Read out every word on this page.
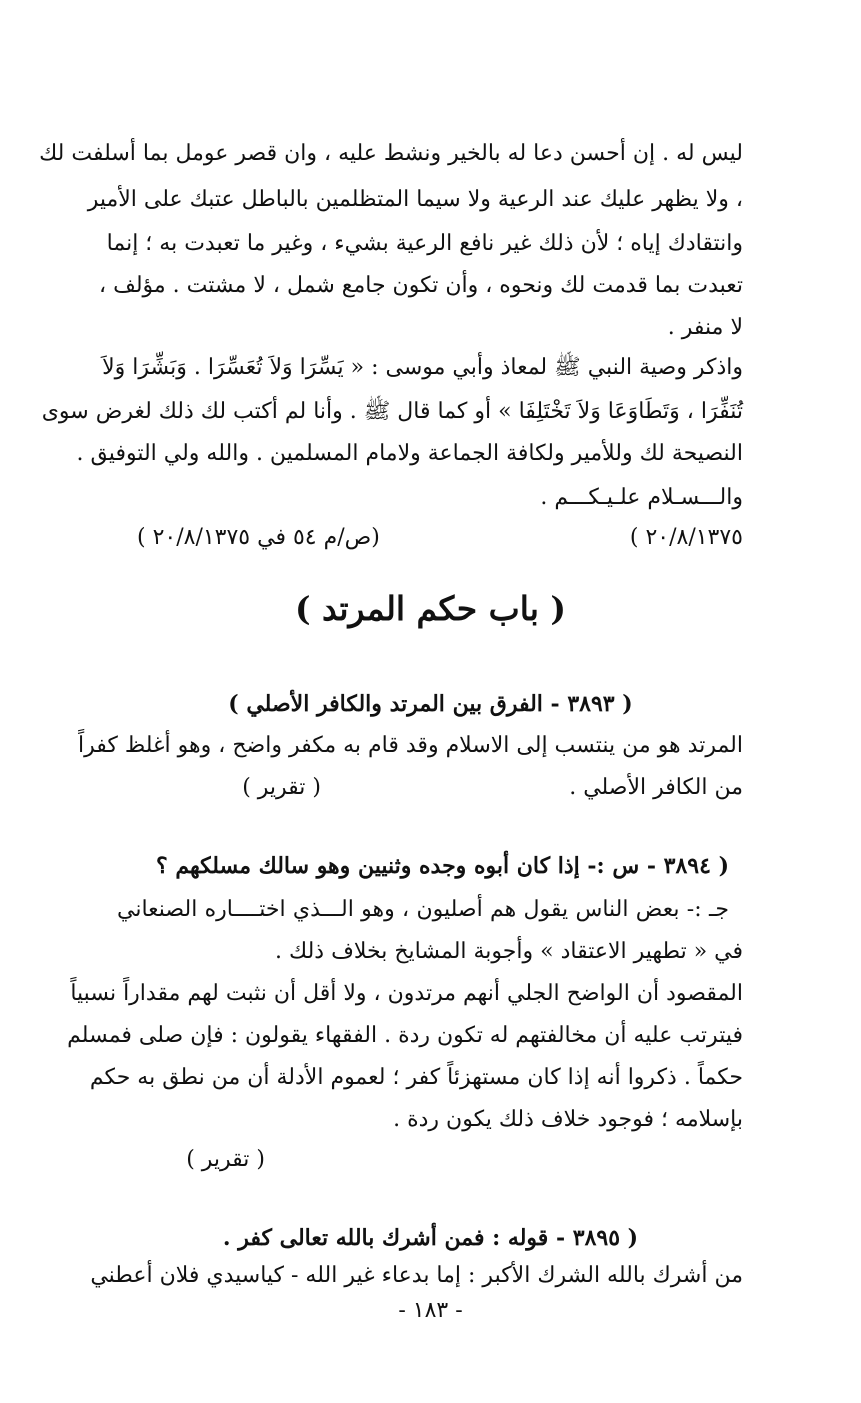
ليس له . إن أحسن دعا له بالخير ونشط عليه ، وان قصر عومل بما أسلفت لك
، ولا يظهر عليك عند الرعية ولا سيما المتظلمين بالباطل عتبك على الأمير
وانتقادك إياه ؛ لأن ذلك غير نافع الرعية بشيء ، وغير ما تعبدت به ؛ إنما
تعبدت بما قدمت لك ونحوه ، وأن تكون جامع شمل ، لا مشتت . مؤلف ،
لا منفر .
واذكر وصية النبي ﷺ لمعاذ وأبي موسى : « يَسِّرَا وَلاَ تُعَسِّرَا . وَبَشِّرَا وَلاَ
تُنَفِّرَا ، وَتَطَاوَعَا وَلاَ تَخْتَلِفَا » أو كما قال ﷺ . وأنا لم أكتب لك ذلك لغرض سوى
النصيحة لك وللأمير ولكافة الجماعة ولامام المسلمين . والله ولي التوفيق .
والـــسـلام علـيـكـــم .
٢٠/٨/١٣٧٥ )
(ص/م ٥٤ في ٢٠/٨/١٣٧٥ )
( باب حكم المرتد )
( ٣٨٩٣ - الفرق بين المرتد والكافر الأصلي )
المرتد هو من ينتسب إلى الاسلام وقد قام به مكفر واضح ، وهو أغلظ كفراً
من الكافر الأصلي .
( تقرير )
( ٣٨٩٤ - س :- إذا كان أبوه وجده وثنيين وهو سالك مسلكهم ؟
جـ :- بعض الناس يقول هم أصليون ، وهو الـــذي اختــــاره الصنعاني
في « تطهير الاعتقاد » وأجوبة المشايخ بخلاف ذلك .
المقصود أن الواضح الجلي أنهم مرتدون ، ولا أقل أن نثبت لهم مقداراً نسبياً
فيترتب عليه أن مخالفتهم له تكون ردة . الفقهاء يقولون : فإن صلى فمسلم
حكماً . ذكروا أنه إذا كان مستهزئاً كفر ؛ لعموم الأدلة أن من نطق به حكم
بإسلامه ؛ فوجود خلاف ذلك يكون ردة .
( تقرير )
( ٣٨٩٥ - قوله : فمن أشرك بالله تعالى كفر .
من أشرك بالله الشرك الأكبر : إما بدعاء غير الله - كياسيدي فلان أعطني
- ١٨٣ -
